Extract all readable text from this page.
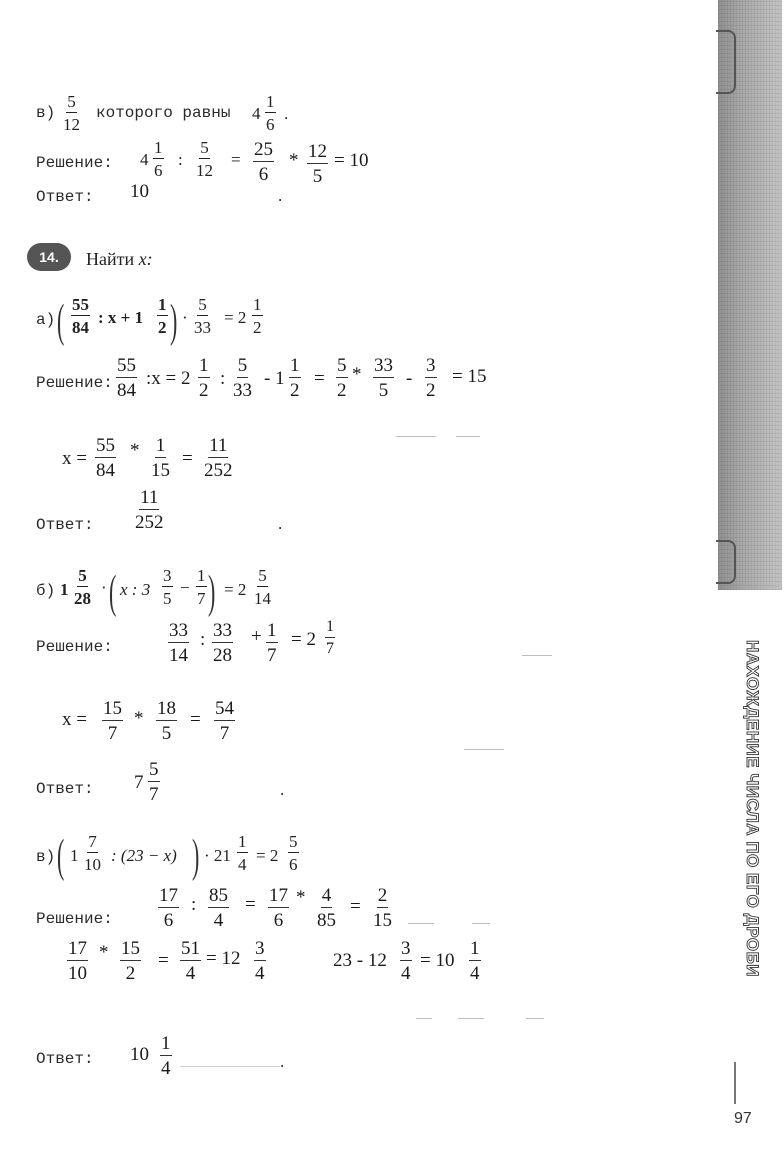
НАХОЖДЕНИЕ ЧИСЛА ПО ЕГО ДРОБИ
97
в)
5
12
которого равны 4
1
6
.
Решение: 4
1
6
:
5
12
= 25
6
* 12
5
= 10
Ответ: 10	.
14.	Найти x:
а) ( 55
84
: x + 1
1
2 ) ·
5
33
= 2
1
2
Решение:
55
84
:x = 2
1
2
:
5
33
- 1
1
2
=
5
2
* 33
5
-
3
2
= 15
x =
55
84
* 1
15
=
11
252
Ответ:
11
252	.
б) 1
5
28
· ( x : 3
3
5
−
1
7 ) = 2
5
14
Решение:
33
14
: 33
28
+ 1
7
= 2
1
7
x =
15
7
* 18
5
=
54
7
Ответ: 7
5
7	.
в) ( 1
7
10 : (23 − x) ) · 21
1
4 = 2
5
6
Решение:
17
6
: 85
4
= 17
6
* 4
85
=
2
15
17
10
* 15
2
=
51
4
= 12 3
4
23 - 12
3
4
= 10
1
4
Ответ: 10
1
4	.
